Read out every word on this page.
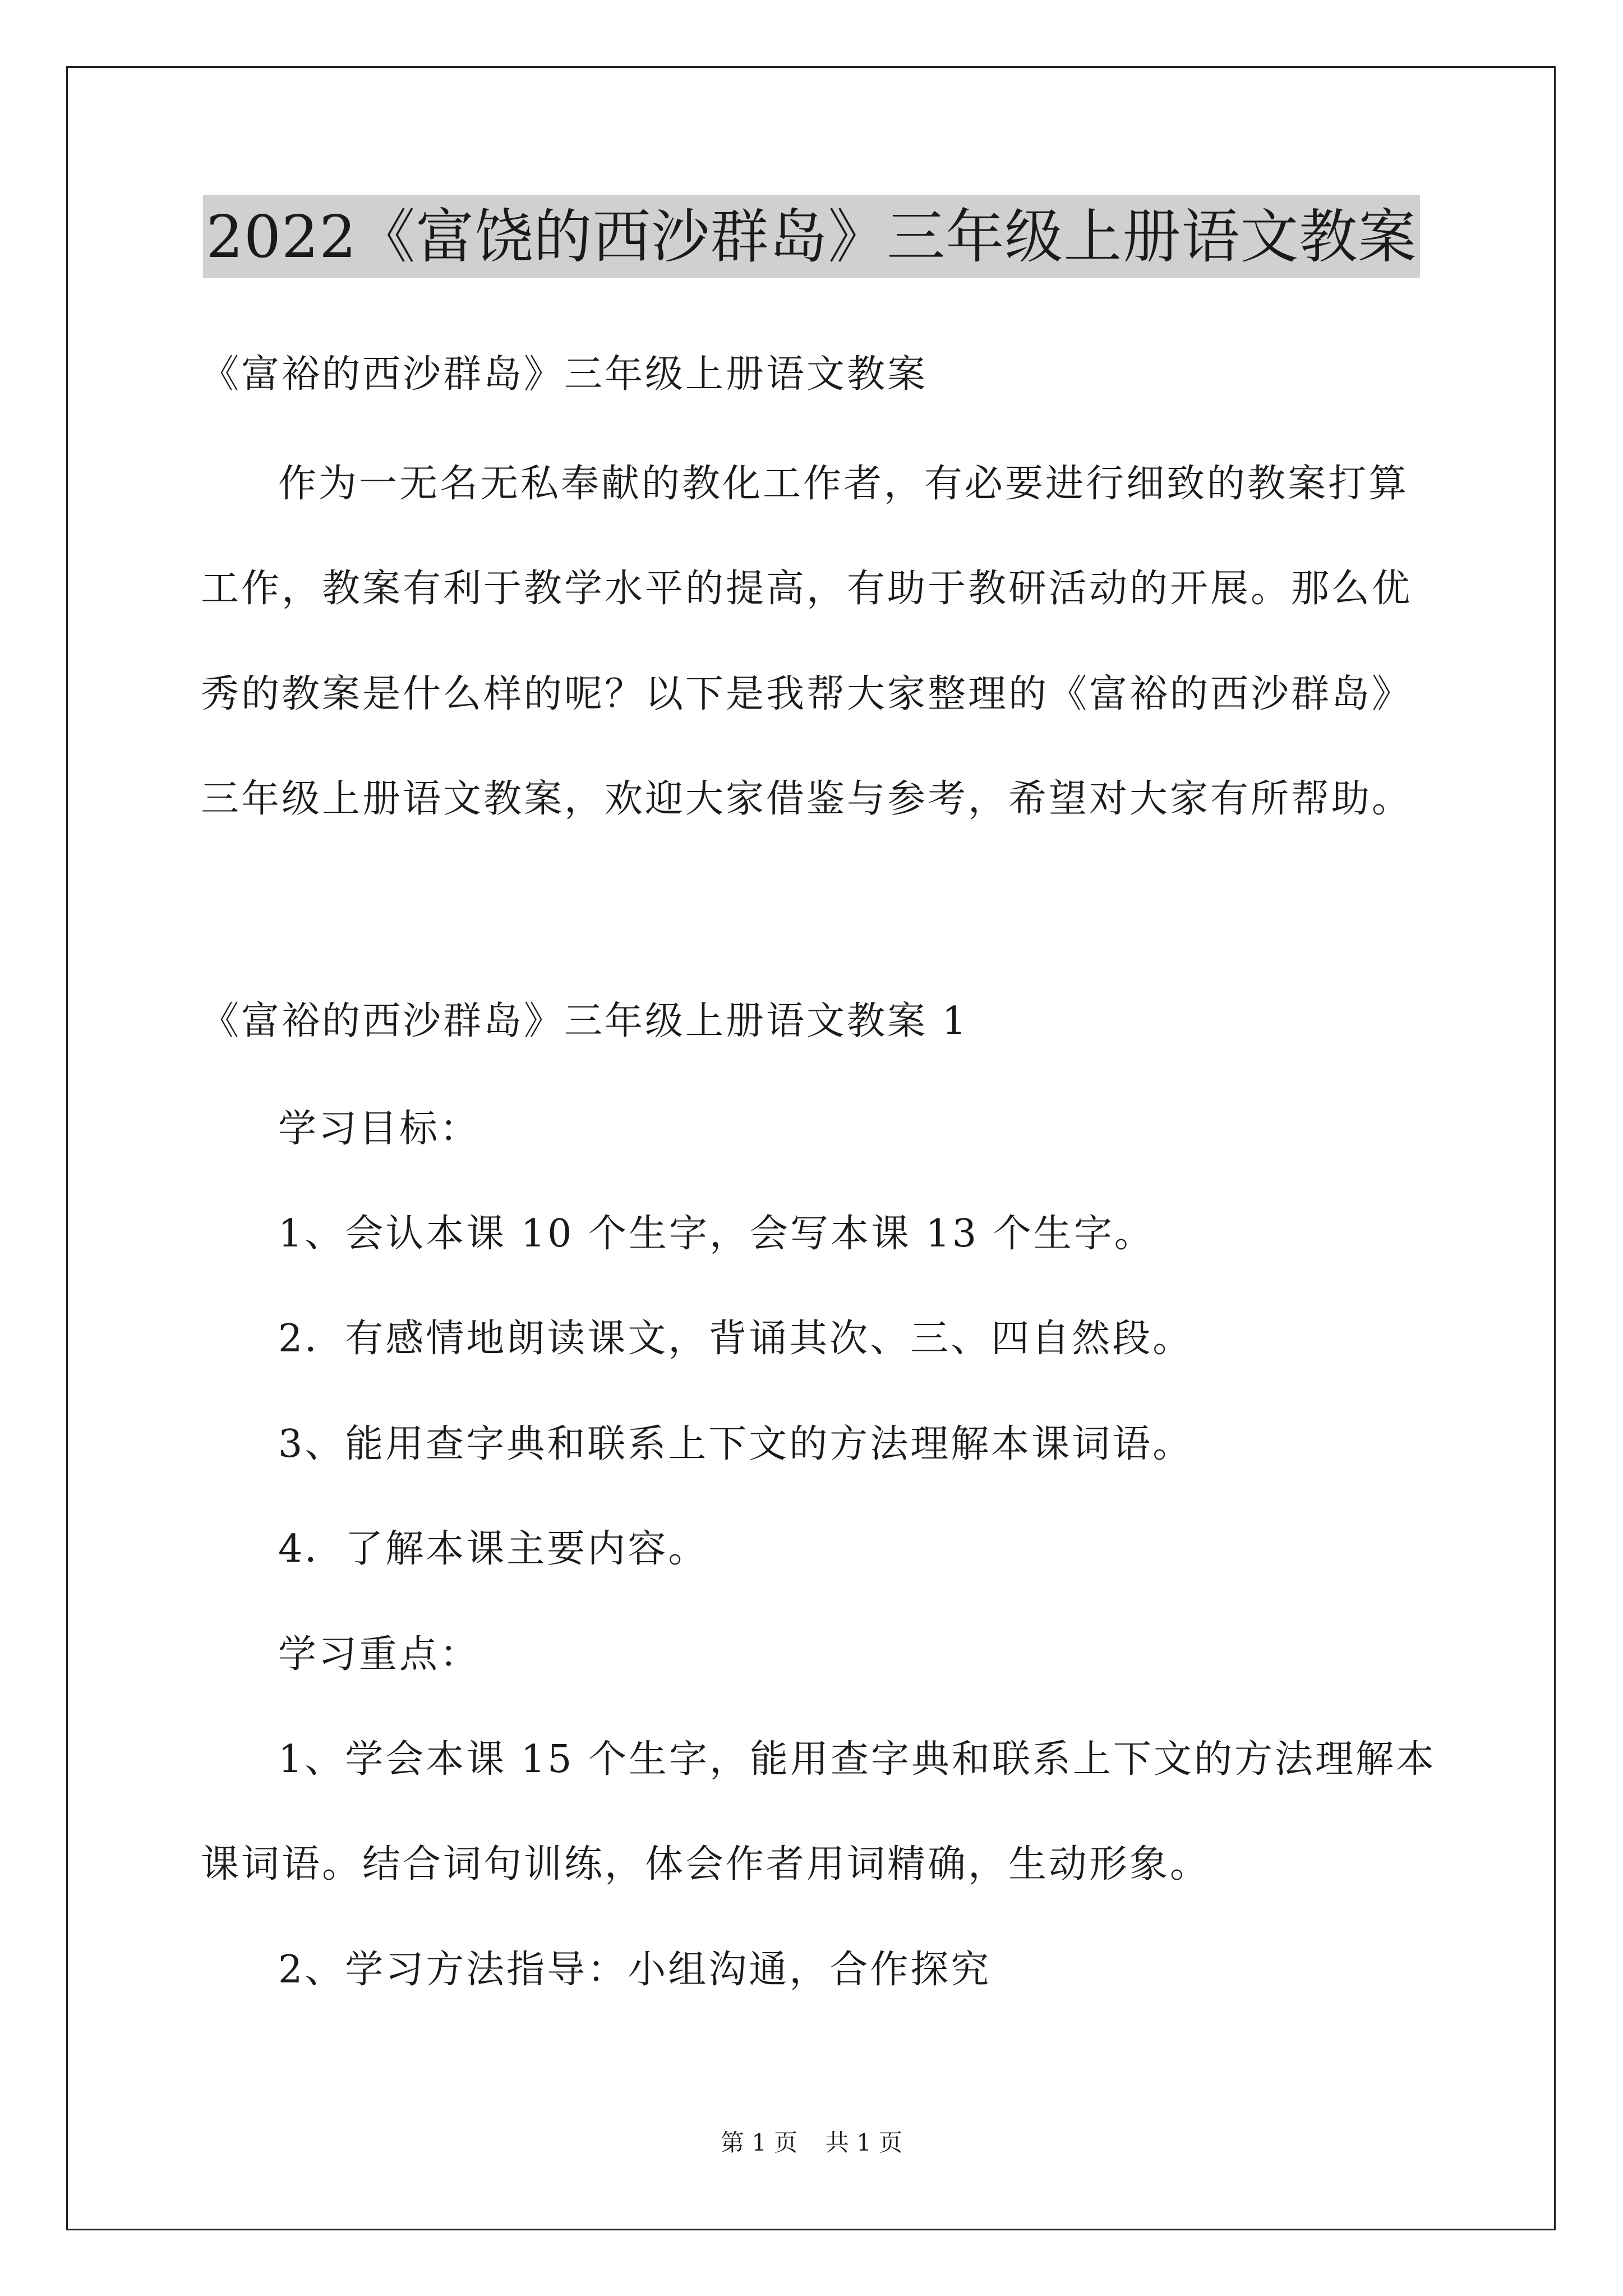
2022《富饶的西沙群岛》三年级上册语文教案
《富裕的西沙群岛》三年级上册语文教案
作为一无名无私奉献的教化工作者，有必要进行细致的教案打算
工作，教案有利于教学水平的提高，有助于教研活动的开展。那么优
秀的教案是什么样的呢？以下是我帮大家整理的《富裕的西沙群岛》
三年级上册语文教案，欢迎大家借鉴与参考，希望对大家有所帮助。
《富裕的西沙群岛》三年级上册语文教案 1
学习目标：
1、会认本课 10 个生字，会写本课 13 个生字。
2．有感情地朗读课文，背诵其次、三、四自然段。
3、能用查字典和联系上下文的方法理解本课词语。
4．了解本课主要内容。
学习重点：
1、学会本课 15 个生字，能用查字典和联系上下文的方法理解本
课词语。结合词句训练，体会作者用词精确，生动形象。
2、学习方法指导：小组沟通，合作探究
第 1 页 共 1 页
